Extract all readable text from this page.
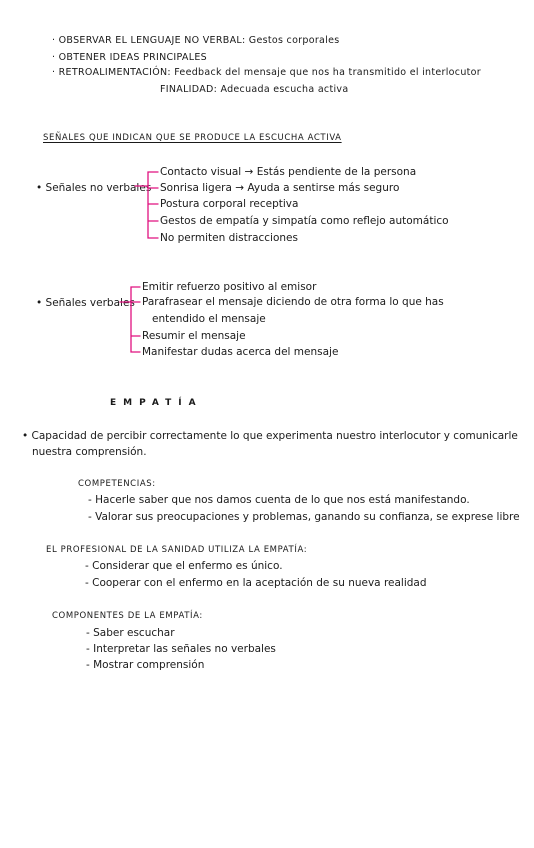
· OBSERVAR EL LENGUAJE NO VERBAL: Gestos corporales
· OBTENER IDEAS PRINCIPALES
· RETROALIMENTACIÓN: Feedback del mensaje que nos ha transmitido el interlocutor
FINALIDAD: Adecuada escucha activa
SEÑALES QUE INDICAN QUE SE PRODUCE LA ESCUCHA ACTIVA
• Señales no verbales
Contacto visual → Estás pendiente de la persona
Sonrisa ligera → Ayuda a sentirse más seguro
Postura corporal receptiva
Gestos de empatía y simpatía como reflejo automático
No permiten distracciones
• Señales verbales
Emitir refuerzo positivo al emisor
Parafrasear el mensaje diciendo de otra forma lo que has
entendido el mensaje
Resumir el mensaje
Manifestar dudas acerca del mensaje
EMPATÍA
• Capacidad de percibir correctamente lo que experimenta nuestro interlocutor y comunicarle
nuestra comprensión.
COMPETENCIAS:
- Hacerle saber que nos damos cuenta de lo que nos está manifestando.
- Valorar sus preocupaciones y problemas, ganando su confianza, se exprese libre
EL PROFESIONAL DE LA SANIDAD UTILIZA LA EMPATÍA:
- Considerar que el enfermo es único.
- Cooperar con el enfermo en la aceptación de su nueva realidad
COMPONENTES DE LA EMPATÍA:
- Saber escuchar
- Interpretar las señales no verbales
- Mostrar comprensión
